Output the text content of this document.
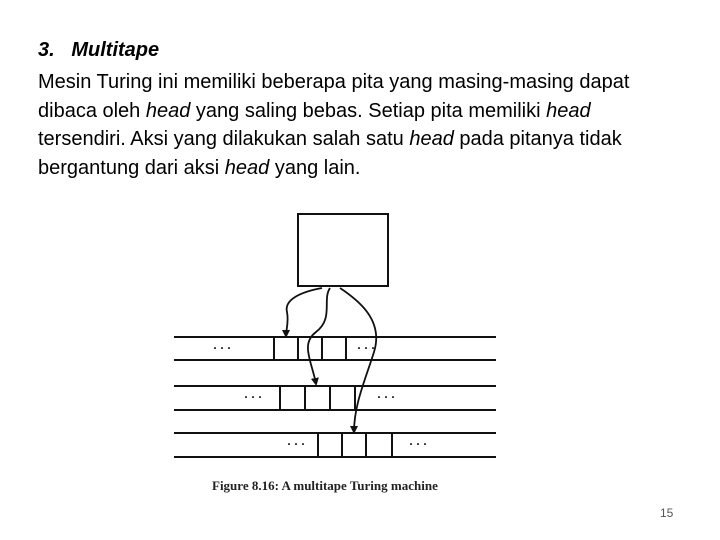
3. Multitape
Mesin Turing ini memiliki beberapa pita yang masing-masing dapat dibaca oleh head yang saling bebas. Setiap pita memiliki head tersendiri. Aksi yang dilakukan salah satu head pada pitanya tidak bergantung dari aksi head yang lain.
· · ·	· · ·
· · ·	· · ·
· · ·	· · ·
Figure 8.16: A multitape Turing machine
15
